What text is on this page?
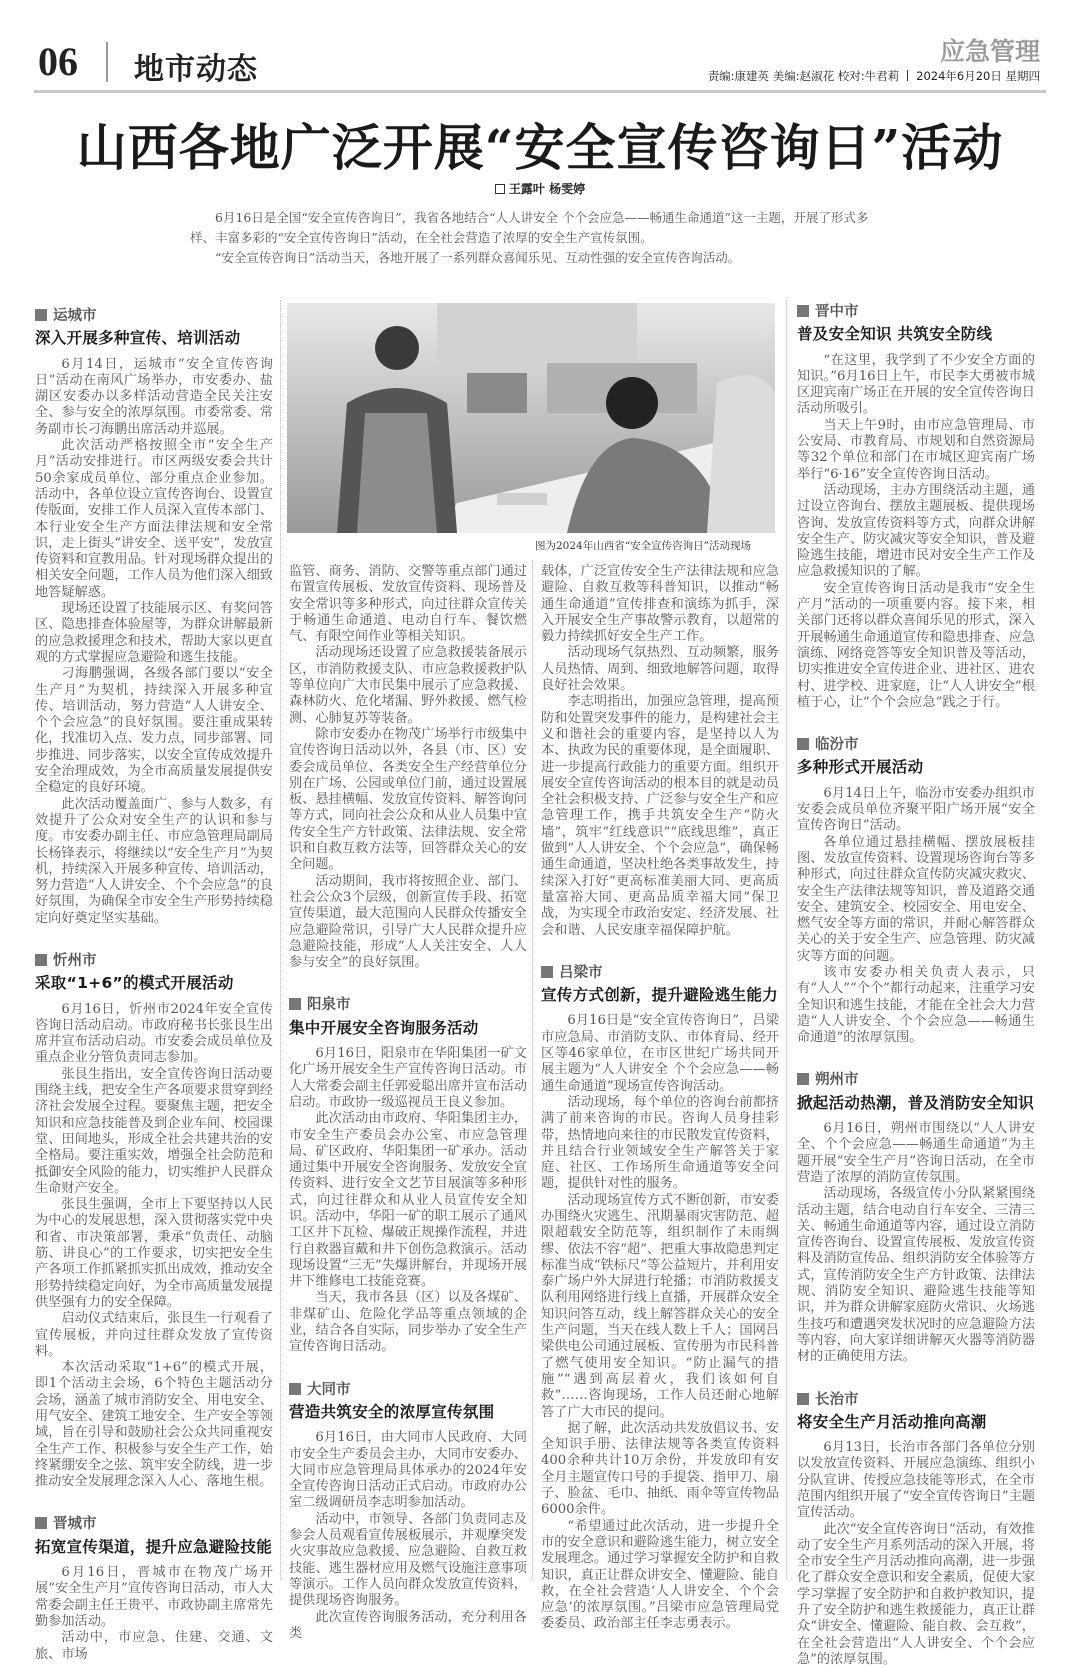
06 地市动态
应急管理
责编:康建英 美编:赵淑花 校对:牛君莉 2024年6月20日 星期四
山西各地广泛开展“安全宣传咨询日”活动
王露叶 杨雯婷

6月16日是全国“安全宣传咨询日”，我省各地结合“人人讲安全 个个会应急——畅通生命通道”这一主题，开展了形式多样、丰富多彩的“安全宣传咨询日”活动，在全社会营造了浓厚的安全生产宣传氛围。

“安全宣传咨询日”活动当天，各地开展了一系列群众喜闻乐见、互动性强的安全宣传咨询活动。

图为2024年山西省“安全宣传咨询日”活动现场
运城市
深入开展多种宣传、培训活动

6月14日，运城市“安全宣传咨询日”活动在南风广场举办，市安委办、盐湖区安委办以多样活动营造全民关注安全、参与安全的浓厚氛围。市委常委、常务副市长刁海鹏出席活动并巡展。

此次活动严格按照全市“安全生产月”活动安排进行。市区两级安委会共计50余家成员单位、部分重点企业参加。活动中，各单位设立宣传咨询台、设置宣传版面，安排工作人员深入宣传本部门、本行业安全生产方面法律法规和安全常识，走上街头“讲安全、送平安”，发放宣传资料和宣教用品。针对现场群众提出的相关安全问题，工作人员为他们深入细致地答疑解惑。

现场还设置了技能展示区、有奖问答区、隐患排查体验屋等，为群众讲解最新的应急救援理念和技术，帮助大家以更直观的方式掌握应急避险和逃生技能。

刁海鹏强调，各级各部门要以“安全生产月”为契机，持续深入开展多种宣传、培训活动，努力营造“人人讲安全、个个会应急”的良好氛围。要注重成果转化，找准切入点、发力点，同步部署、同步推进、同步落实，以安全宣传成效提升安全治理成效，为全市高质量发展提供安全稳定的良好环境。

此次活动覆盖面广、参与人数多，有效提升了公众对安全生产的认识和参与度。市安委办副主任、市应急管理局副局长杨锋表示，将继续以“安全生产月”为契机，持续深入开展多种宣传、培训活动，努力营造“人人讲安全、个个会应急”的良好氛围，为确保全市安全生产形势持续稳定向好奠定坚实基础。

忻州市
采取“1+6”的模式开展活动

6月16日，忻州市2024年安全宣传咨询日活动启动。市政府秘书长张艮生出席并宣布活动启动。市安委会成员单位及重点企业分管负责同志参加。

张艮生指出，安全宣传咨询日活动要围绕主线，把安全生产各项要求贯穿到经济社会发展全过程。要聚焦主题，把安全知识和应急技能普及到企业车间、校园课堂、田间地头，形成全社会共建共治的安全格局。要注重实效，增强全社会防范和抵御安全风险的能力，切实维护人民群众生命财产安全。

张艮生强调，全市上下要坚持以人民为中心的发展思想，深入贯彻落实党中央和省、市决策部署，秉承“负责任、动脑筋、讲良心”的工作要求，切实把安全生产各项工作抓紧抓实抓出成效，推动安全形势持续稳定向好，为全市高质量发展提供坚强有力的安全保障。

启动仪式结束后，张艮生一行观看了宣传展板，并向过往群众发放了宣传资料。

本次活动采取“1+6”的模式开展，即1个活动主会场，6个特色主题活动分会场，涵盖了城市消防安全、用电安全、用气安全、建筑工地安全、生产安全等领域，旨在引导和鼓励社会公众共同重视安全生产工作、积极参与安全生产工作，始终紧绷安全之弦、筑牢安全防线，进一步推动安全发展理念深入人心、落地生根。

晋城市
拓宽宣传渠道，提升应急避险技能

6月16日，晋城市在物茂广场开展“安全生产月”宣传咨询日活动，市人大常委会副主任王贵平、市政协副主席常先勤参加活动。

活动中，市应急、住建、交通、文旅、市场

监管、商务、消防、交警等重点部门通过布置宣传展板、发放宣传资料、现场普及安全常识等多种形式，向过往群众宣传关于畅通生命通道、电动自行车、餐饮燃气、有限空间作业等相关知识。

活动现场还设置了应急救援装备展示区，市消防救援支队、市应急救援救护队等单位向广大市民集中展示了应急救援、森林防火、危化堵漏、野外救援、燃气检测、心肺复苏等装备。

除市安委办在物茂广场举行市级集中宣传咨询日活动以外，各县（市、区）安委会成员单位、各类安全生产经营单位分别在广场、公园或单位门前，通过设置展板、悬挂横幅、发放宣传资料、解答询问等方式，同向社会公众和从业人员集中宣传安全生产方针政策、法律法规、安全常识和自救互救方法等，回答群众关心的安全问题。

活动期间，我市将按照企业、部门、社会公众3个层级，创新宣传手段、拓宽宣传渠道，最大范围向人民群众传播安全应急避险常识，引导广大人民群众提升应急避险技能，形成“人人关注安全、人人参与安全”的良好氛围。

阳泉市
集中开展安全咨询服务活动

6月16日，阳泉市在华阳集团一矿文化广场开展安全生产宣传咨询日活动。市人大常委会副主任郭爱聪出席并宣布活动启动。市政协一级巡视员王良义参加。

此次活动由市政府、华阳集团主办，市安全生产委员会办公室、市应急管理局、矿区政府、华阳集团一矿承办。活动通过集中开展安全咨询服务、发放安全宣传资料、进行安全文艺节目展演等多种形式，向过往群众和从业人员宣传安全知识。活动中，华阳一矿的职工展示了通风工区井下瓦检、爆破正规操作流程，并进行自救器盲戴和井下创伤急救演示。活动现场设置“三无”失爆讲解台，并现场开展井下维修电工技能竞赛。

当天，我市各县（区）以及各煤矿、非煤矿山、危险化学品等重点领域的企业，结合各自实际，同步举办了安全生产宣传咨询日活动。

大同市
营造共筑安全的浓厚宣传氛围

6月16日，由大同市人民政府、大同市安全生产委员会主办，大同市安委办、大同市应急管理局具体承办的2024年安全宣传咨询日活动正式启动。市政府办公室二级调研员李志明参加活动。

活动中，市领导、各部门负责同志及参会人员观看宣传展板展示，并观摩突发火灾事故应急救援、应急避险、自救互救技能、逃生器材应用及燃气设施注意事项等演示。工作人员向群众发放宣传资料，提供现场咨询服务。

此次宣传咨询服务活动，充分利用各类

载体，广泛宣传安全生产法律法规和应急避险、自救互救等科普知识，以推动“畅通生命通道”宣传排查和演练为抓手，深入开展安全生产事故警示教育，以超常的毅力持续抓好安全生产工作。

活动现场气氛热烈、互动频繁，服务人员热情、周到、细致地解答问题，取得良好社会效果。

李志明指出，加强应急管理，提高预防和处置突发事件的能力，是构建社会主义和谐社会的重要内容，是坚持以人为本、执政为民的重要体现，是全面履职、进一步提高行政能力的重要方面。组织开展安全宣传咨询活动的根本目的就是动员全社会积极支持、广泛参与安全生产和应急管理工作，携手共筑安全生产“防火墙”，筑牢“红线意识”“底线思维”，真正做到“人人讲安全、个个会应急”，确保畅通生命通道，坚决杜绝各类事故发生，持续深入打好“更高标准美丽大同、更高质量富裕大同、更高品质幸福大同”保卫战，为实现全市政治安定、经济发展、社会和谐、人民安康幸福保障护航。

吕梁市
宣传方式创新，提升避险逃生能力

6月16日是“安全宣传咨询日”，吕梁市应急局、市消防支队、市体育局、经开区等46家单位，在市区世纪广场共同开展主题为“人人讲安全 个个会应急——畅通生命通道”现场宣传咨询活动。

活动现场，每个单位的咨询台前都挤满了前来咨询的市民。咨询人员身挂彩带，热情地向来往的市民散发宣传资料，并且结合行业领域安全生产解答关于家庭、社区、工作场所生命通道等安全问题，提供针对性的服务。

活动现场宣传方式不断创新，市安委办围绕火灾逃生、汛期暴雨灾害防范、超限超载安全防范等，组织制作了未雨绸缪、依法不容“超”、把重大事故隐患判定标准当成“铁标尺”等公益短片，并利用安泰广场户外大屏进行轮播；市消防救援支队利用网络进行线上直播，开展群众安全知识问答互动，线上解答群众关心的安全生产问题，当天在线人数上千人；国网吕梁供电公司通过展板、宣传册为市民科普了燃气使用安全知识。“防止漏气的措施”“遇到高层着火，我们该如何自救”……咨询现场，工作人员还耐心地解答了广大市民的提问。

据了解，此次活动共发放倡议书、安全知识手册、法律法规等各类宣传资料400余种共计10万余份，并发放印有安全月主题宣传口号的手提袋、指甲刀、扇子、脸盆、毛巾、抽纸、雨伞等宣传物品6000余件。

“希望通过此次活动，进一步提升全市的安全意识和避险逃生能力，树立安全发展理念。通过学习掌握安全防护和自救知识，真正让群众讲安全、懂避险、能自救，在全社会营造‘人人讲安全、个个会应急’的浓厚氛围。”吕梁市应急管理局党委委员、政治部主任李志勇表示。

晋中市
普及安全知识 共筑安全防线

“在这里，我学到了不少安全方面的知识。”6月16日上午，市民李大勇被市城区迎宾南广场正在开展的安全宣传咨询日活动所吸引。

当天上午9时，由市应急管理局、市公安局、市教育局、市规划和自然资源局等32个单位和部门在市城区迎宾南广场举行“6·16”安全宣传咨询日活动。

活动现场，主办方围绕活动主题，通过设立咨询台、摆放主题展板、提供现场咨询、发放宣传资料等方式，向群众讲解安全生产、防灾减灾等安全知识，普及避险逃生技能，增进市民对安全生产工作及应急救援知识的了解。

安全宣传咨询日活动是我市“安全生产月”活动的一项重要内容。接下来，相关部门还将以群众喜闻乐见的形式，深入开展畅通生命通道宣传和隐患排查、应急演练、网络竞答等安全知识普及等活动，切实推进安全宣传进企业、进社区、进农村、进学校、进家庭，让“人人讲安全”根植于心，让“个个会应急”践之于行。

临汾市
多种形式开展活动

6月14日上午，临汾市安委办组织市安委会成员单位齐聚平阳广场开展“安全宣传咨询日”活动。

各单位通过悬挂横幅、摆放展板挂图、发放宣传资料、设置现场咨询台等多种形式，向过往群众宣传防灾减灾救灾、安全生产法律法规等知识，普及道路交通安全、建筑安全、校园安全、用电安全、燃气安全等方面的常识，并耐心解答群众关心的关于安全生产、应急管理、防灾减灾等方面的问题。

该市安委办相关负责人表示，只有“人人”“个个”都行动起来，注重学习安全知识和逃生技能，才能在全社会大力营造“人人讲安全、个个会应急——畅通生命通道”的浓厚氛围。

朔州市
掀起活动热潮，普及消防安全知识

6月16日，朔州市围绕以“人人讲安全、个个会应急——畅通生命通道”为主题开展“安全生产月”咨询日活动，在全市营造了浓厚的消防宣传氛围。

活动现场，各级宣传小分队紧紧围绕活动主题，结合电动自行车安全、三清三关、畅通生命通道等内容，通过设立消防宣传咨询台、设置宣传展板、发放宣传资料及消防宣传品、组织消防安全体验等方式，宣传消防安全生产方针政策、法律法规、消防安全知识、避险逃生技能等知识，并为群众讲解家庭防火常识、火场逃生技巧和遭遇突发状况时的应急避险方法等内容，向大家详细讲解灭火器等消防器材的正确使用方法。

长治市
将安全生产月活动推向高潮

6月13日，长治市各部门各单位分别以发放宣传资料、开展应急演练、组织小分队宣讲、传授应急技能等形式，在全市范围内组织开展了“安全宣传咨询日”主题宣传活动。

此次“安全宣传咨询日”活动，有效推动了安全生产月系列活动的深入开展，将全市安全生产月活动推向高潮，进一步强化了群众安全意识和安全素质，促使大家学习掌握了安全防护和自救护救知识，提升了安全防护和逃生救援能力，真正让群众“讲安全、懂避险、能自救、会互救”，在全社会营造出“人人讲安全、个个会应急”的浓厚氛围。
